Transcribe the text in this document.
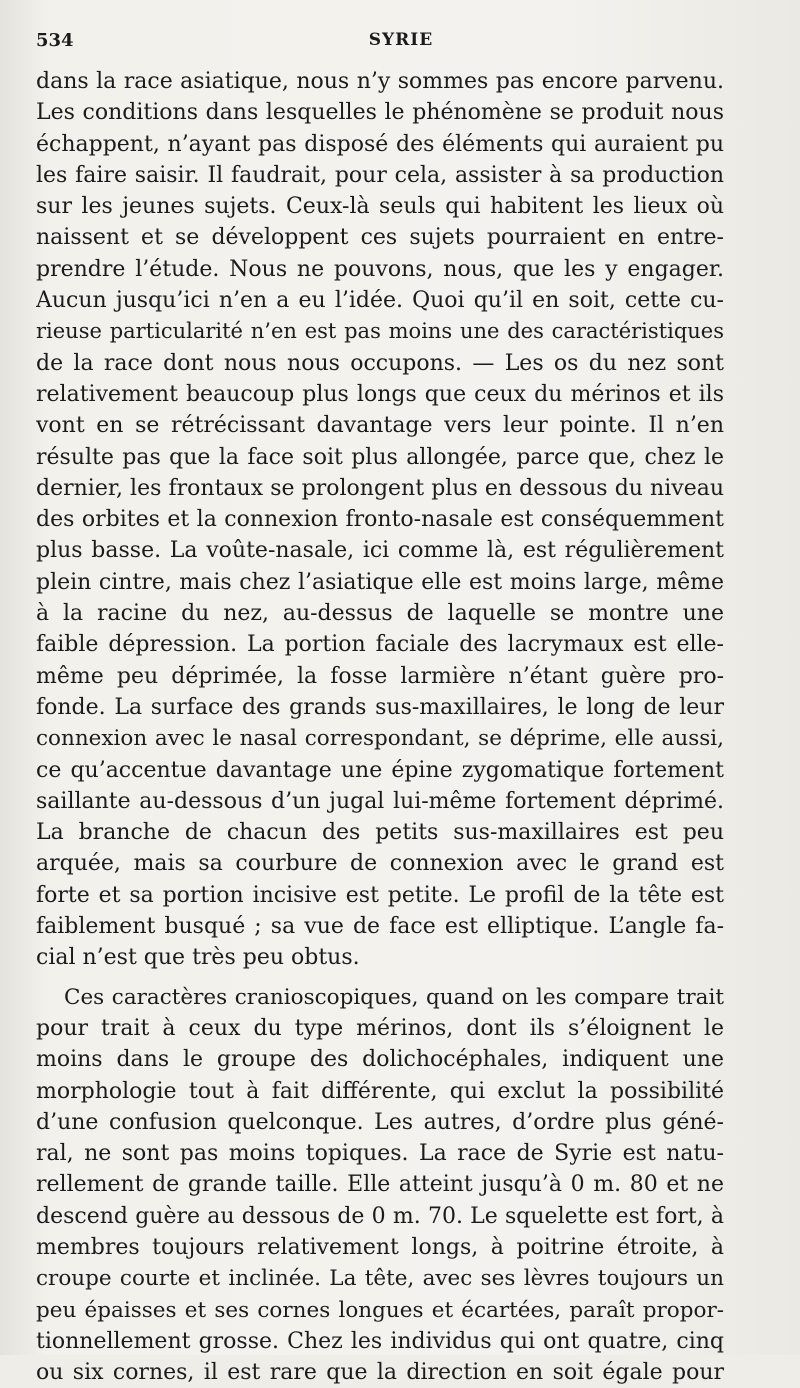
534	SYRIE
dans la race asiatique, nous n’y sommes pas encore parvenu.
Les conditions dans lesquelles le phénomène se produit nous
échappent, n’ayant pas disposé des éléments qui auraient pu
les faire saisir. Il faudrait, pour cela, assister à sa production
sur les jeunes sujets. Ceux-là seuls qui habitent les lieux où
naissent et se développent ces sujets pourraient en entre-
prendre l’étude. Nous ne pouvons, nous, que les y engager.
Aucun jusqu’ici n’en a eu l’idée. Quoi qu’il en soit, cette cu-
rieuse particularité n’en est pas moins une des caractéristiques
de la race dont nous nous occupons. — Les os du nez sont
relativement beaucoup plus longs que ceux du mérinos et ils
vont en se rétrécissant davantage vers leur pointe. Il n’en
résulte pas que la face soit plus allongée, parce que, chez le
dernier, les frontaux se prolongent plus en dessous du niveau
des orbites et la connexion fronto-nasale est conséquemment
plus basse. La voûte-nasale, ici comme là, est régulièrement
plein cintre, mais chez l’asiatique elle est moins large, même
à la racine du nez, au-dessus de laquelle se montre une
faible dépression. La portion faciale des lacrymaux est elle-
même peu déprimée, la fosse larmière n’étant guère pro-
fonde. La surface des grands sus-maxillaires, le long de leur
connexion avec le nasal correspondant, se déprime, elle aussi,
ce qu’accentue davantage une épine zygomatique fortement
saillante au-dessous d’un jugal lui-même fortement déprimé.
La branche de chacun des petits sus-maxillaires est peu
arquée, mais sa courbure de connexion avec le grand est
forte et sa portion incisive est petite. Le profil de la tête est
faiblement busqué ; sa vue de face est elliptique. L’angle fa-
cial n’est que très peu obtus.
Ces caractères cranioscopiques, quand on les compare trait
pour trait à ceux du type mérinos, dont ils s’éloignent le
moins dans le groupe des dolichocéphales, indiquent une
morphologie tout à fait différente, qui exclut la possibilité
d’une confusion quelconque. Les autres, d’ordre plus géné-
ral, ne sont pas moins topiques. La race de Syrie est natu-
rellement de grande taille. Elle atteint jusqu’à 0 m. 80 et ne
descend guère au dessous de 0 m. 70. Le squelette est fort, à
membres toujours relativement longs, à poitrine étroite, à
croupe courte et inclinée. La tête, avec ses lèvres toujours un
peu épaisses et ses cornes longues et écartées, paraît propor-
tionnellement grosse. Chez les individus qui ont quatre, cinq
ou six cornes, il est rare que la direction en soit égale pour
